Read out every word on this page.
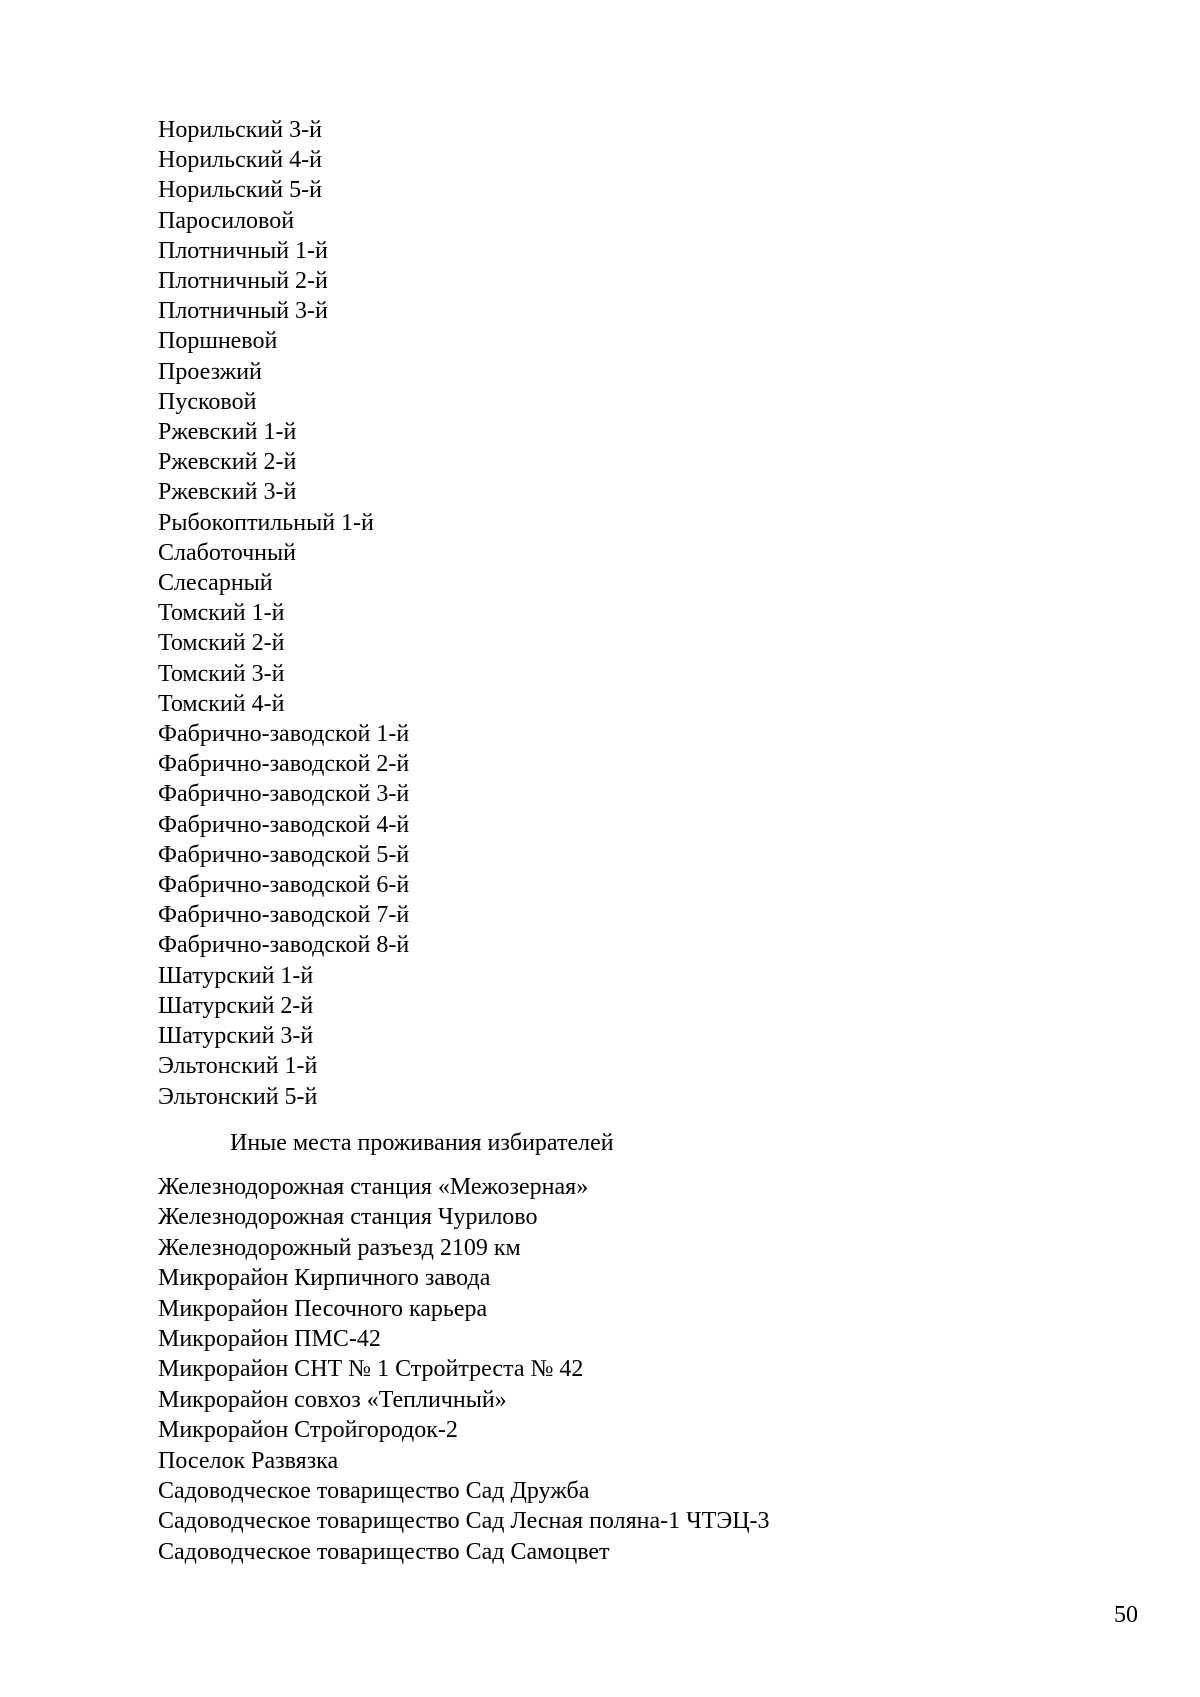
Норильский 3-й
Норильский 4-й
Норильский 5-й
Паросиловой
Плотничный 1-й
Плотничный 2-й
Плотничный 3-й
Поршневой
Проезжий
Пусковой
Ржевский 1-й
Ржевский 2-й
Ржевский 3-й
Рыбокоптильный 1-й
Слаботочный
Слесарный
Томский 1-й
Томский 2-й
Томский 3-й
Томский 4-й
Фабрично-заводской 1-й
Фабрично-заводской 2-й
Фабрично-заводской 3-й
Фабрично-заводской 4-й
Фабрично-заводской 5-й
Фабрично-заводской 6-й
Фабрично-заводской 7-й
Фабрично-заводской 8-й
Шатурский 1-й
Шатурский 2-й
Шатурский 3-й
Эльтонский 1-й
Эльтонский 5-й
Иные места проживания избирателей
Железнодорожная станция «Межозерная»
Железнодорожная станция Чурилово
Железнодорожный разъезд 2109 км
Микрорайон Кирпичного завода
Микрорайон Песочного карьера
Микрорайон ПМС-42
Микрорайон СНТ № 1 Стройтреста № 42
Микрорайон совхоз «Тепличный»
Микрорайон Стройгородок-2
Поселок Развязка
Садоводческое товарищество Сад Дружба
Садоводческое товарищество Сад Лесная поляна-1 ЧТЭЦ-3
Садоводческое товарищество Сад Самоцвет
50
